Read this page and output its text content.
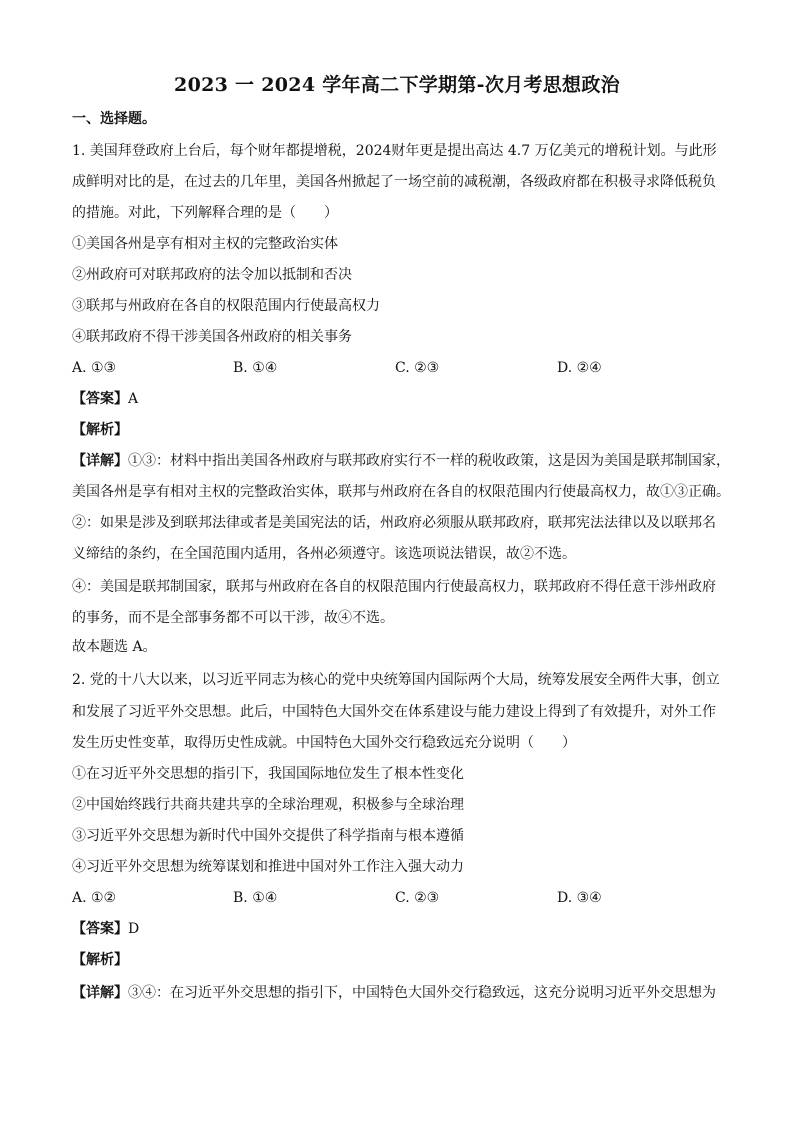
2023 一 2024 学年高二下学期第-次月考思想政治
一、选择题。
1. 美国拜登政府上台后，每个财年都提增税，2024财年更是提出高达 4.7 万亿美元的增税计划。与此形
成鲜明对比的是，在过去的几年里，美国各州掀起了一场空前的减税潮，各级政府都在积极寻求降低税负
的措施。对此，下列解释合理的是（　　）
①美国各州是享有相对主权的完整政治实体
②州政府可对联邦政府的法令加以抵制和否决
③联邦与州政府在各自的权限范围内行使最高权力
④联邦政府不得干涉美国各州政府的相关事务
A. ①③	B. ①④	C. ②③	D. ②④
【答案】A
【解析】
【详解】①③：材料中指出美国各州政府与联邦政府实行不一样的税收政策，这是因为美国是联邦制国家，
美国各州是享有相对主权的完整政治实体，联邦与州政府在各自的权限范围内行使最高权力，故①③正确。
②：如果是涉及到联邦法律或者是美国宪法的话，州政府必须服从联邦政府，联邦宪法法律以及以联邦名
义缔结的条约，在全国范围内适用，各州必须遵守。该选项说法错误，故②不选。
④：美国是联邦制国家，联邦与州政府在各自的权限范围内行使最高权力，联邦政府不得任意干涉州政府
的事务，而不是全部事务都不可以干涉，故④不选。
故本题选 A。
2. 党的十八大以来，以习近平同志为核心的党中央统筹国内国际两个大局，统筹发展安全两件大事，创立
和发展了习近平外交思想。此后，中国特色大国外交在体系建设与能力建设上得到了有效提升，对外工作
发生历史性变革，取得历史性成就。中国特色大国外交行稳致远充分说明（　　）
①在习近平外交思想的指引下，我国国际地位发生了根本性变化
②中国始终践行共商共建共享的全球治理观，积极参与全球治理
③习近平外交思想为新时代中国外交提供了科学指南与根本遵循
④习近平外交思想为统筹谋划和推进中国对外工作注入强大动力
A. ①②	B. ①④	C. ②③	D. ③④
【答案】D
【解析】
【详解】③④：在习近平外交思想的指引下，中国特色大国外交行稳致远，这充分说明习近平外交思想为
